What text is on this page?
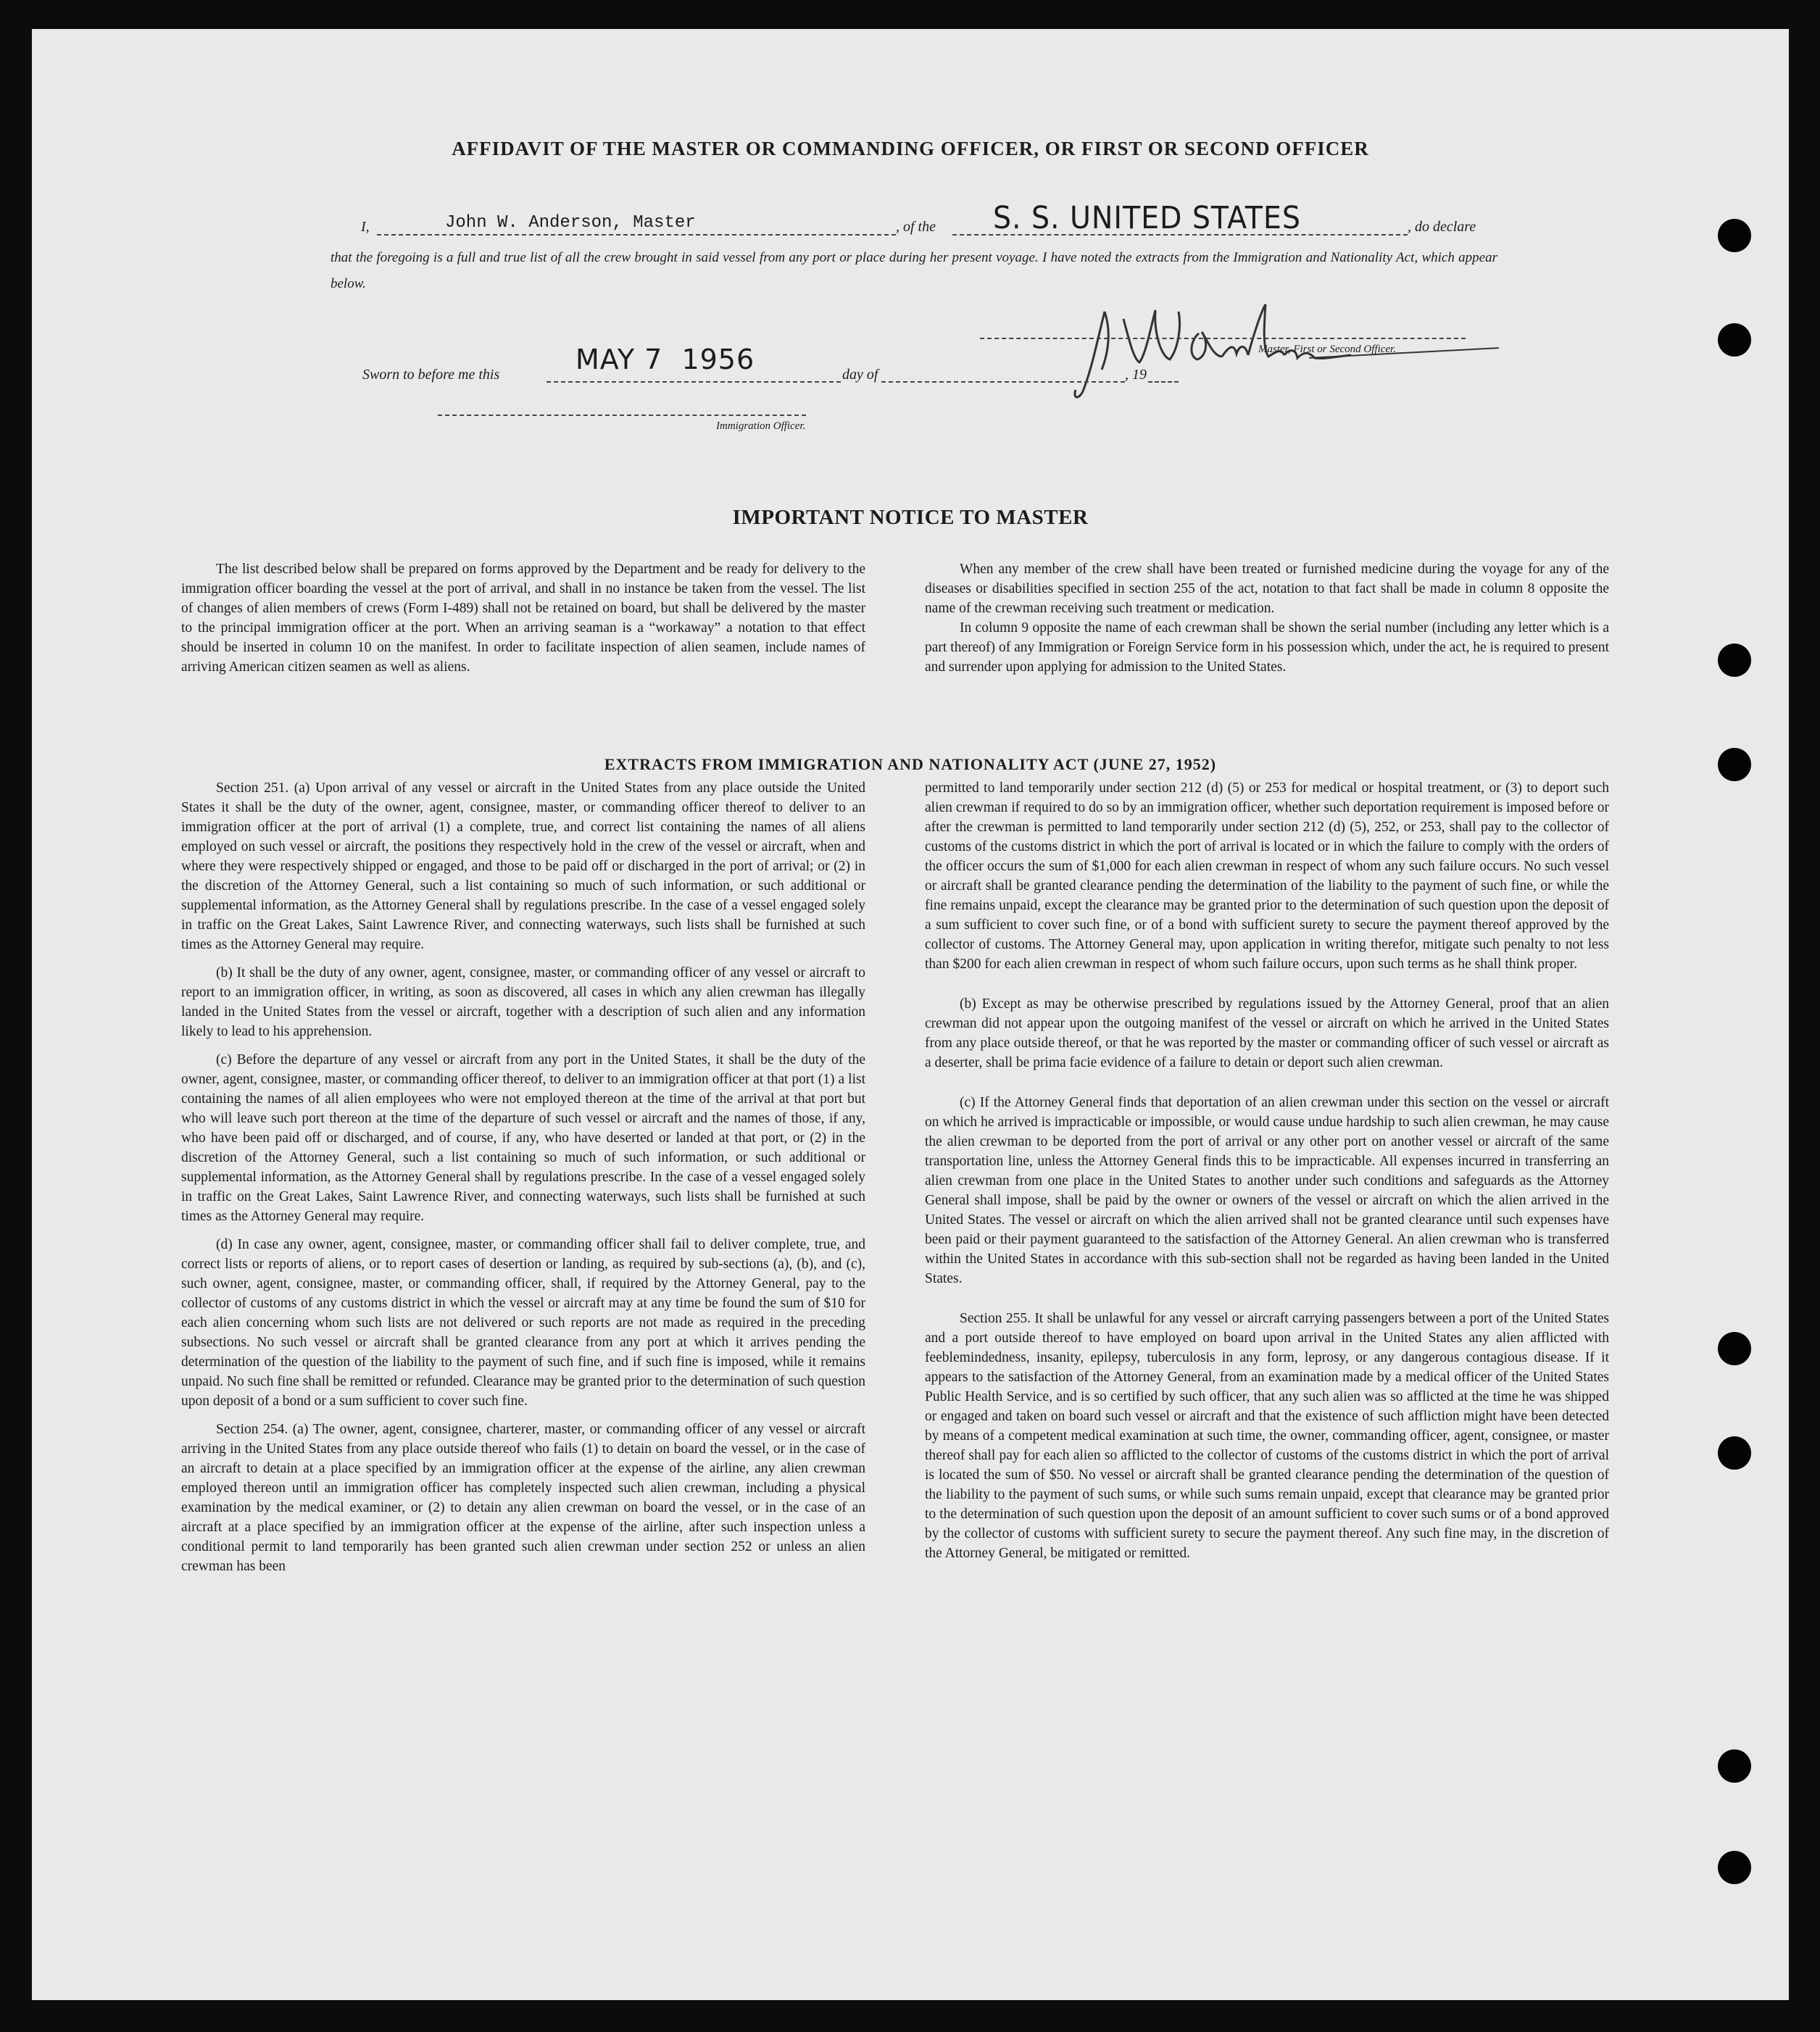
AFFIDAVIT OF THE MASTER OR COMMANDING OFFICER, OR FIRST OR SECOND OFFICER
I,	John W. Anderson, Master	, of the S. S. UNITED STATES	, do declare
that the foregoing is a full and true list of all the crew brought in said vessel from any port or place during her present voyage. I have noted the extracts from the Immigration and Nationality Act, which appear below.
Master, First or Second Officer.
Sworn to before me this	MAY 7  1956	day of	, 19
Immigration Officer.
IMPORTANT NOTICE TO MASTER

The list described below shall be prepared on forms approved by the Department and be ready for delivery to the immigration officer boarding the vessel at the port of arrival, and shall in no instance be taken from the vessel. The list of changes of alien members of crews (Form I-489) shall not be retained on board, but shall be delivered by the master to the principal immigration officer at the port. When an arriving seaman is a “workaway” a notation to that effect should be inserted in column 10 on the manifest. In order to facilitate inspection of alien seamen, include names of arriving American citizen seamen as well as aliens.

When any member of the crew shall have been treated or furnished medicine during the voyage for any of the diseases or disabilities specified in section 255 of the act, notation to that fact shall be made in column 8 opposite the name of the crewman receiving such treatment or medication.

In column 9 opposite the name of each crewman shall be shown the serial number (including any letter which is a part thereof) of any Immigration or Foreign Service form in his possession which, under the act, he is required to present and surrender upon applying for admission to the United States.

EXTRACTS FROM IMMIGRATION AND NATIONALITY ACT (JUNE 27, 1952)

Section 251. (a) Upon arrival of any vessel or aircraft in the United States from any place outside the United States it shall be the duty of the owner, agent, consignee, master, or commanding officer thereof to deliver to an immigration officer at the port of arrival (1) a complete, true, and correct list containing the names of all aliens employed on such vessel or aircraft, the positions they respectively hold in the crew of the vessel or aircraft, when and where they were respectively shipped or engaged, and those to be paid off or discharged in the port of arrival; or (2) in the discretion of the Attorney General, such a list containing so much of such information, or such additional or supplemental information, as the Attorney General shall by regulations prescribe. In the case of a vessel engaged solely in traffic on the Great Lakes, Saint Lawrence River, and connecting waterways, such lists shall be furnished at such times as the Attorney General may require.

(b) It shall be the duty of any owner, agent, consignee, master, or commanding officer of any vessel or aircraft to report to an immigration officer, in writing, as soon as discovered, all cases in which any alien crewman has illegally landed in the United States from the vessel or aircraft, together with a description of such alien and any information likely to lead to his apprehension.

(c) Before the departure of any vessel or aircraft from any port in the United States, it shall be the duty of the owner, agent, consignee, master, or commanding officer thereof, to deliver to an immigration officer at that port (1) a list containing the names of all alien employees who were not employed thereon at the time of the arrival at that port but who will leave such port thereon at the time of the departure of such vessel or aircraft and the names of those, if any, who have been paid off or discharged, and of course, if any, who have deserted or landed at that port, or (2) in the discretion of the Attorney General, such a list containing so much of such information, or such additional or supplemental information, as the Attorney General shall by regulations prescribe. In the case of a vessel engaged solely in traffic on the Great Lakes, Saint Lawrence River, and connecting waterways, such lists shall be furnished at such times as the Attorney General may require.

(d) In case any owner, agent, consignee, master, or commanding officer shall fail to deliver complete, true, and correct lists or reports of aliens, or to report cases of desertion or landing, as required by sub-sections (a), (b), and (c), such owner, agent, consignee, master, or commanding officer, shall, if required by the Attorney General, pay to the collector of customs of any customs district in which the vessel or aircraft may at any time be found the sum of $10 for each alien concerning whom such lists are not delivered or such reports are not made as required in the preceding subsections. No such vessel or aircraft shall be granted clearance from any port at which it arrives pending the determination of the question of the liability to the payment of such fine, and if such fine is imposed, while it remains unpaid. No such fine shall be remitted or refunded. Clearance may be granted prior to the determination of such question upon deposit of a bond or a sum sufficient to cover such fine.

Section 254. (a) The owner, agent, consignee, charterer, master, or commanding officer of any vessel or aircraft arriving in the United States from any place outside thereof who fails (1) to detain on board the vessel, or in the case of an aircraft to detain at a place specified by an immigration officer at the expense of the airline, any alien crewman employed thereon until an immigration officer has completely inspected such alien crewman, including a physical examination by the medical examiner, or (2) to detain any alien crewman on board the vessel, or in the case of an aircraft at a place specified by an immigration officer at the expense of the airline, after such inspection unless a conditional permit to land temporarily has been granted such alien crewman under section 252 or unless an alien crewman has been

permitted to land temporarily under section 212 (d) (5) or 253 for medical or hospital treatment, or (3) to deport such alien crewman if required to do so by an immigration officer, whether such deportation requirement is imposed before or after the crewman is permitted to land temporarily under section 212 (d) (5), 252, or 253, shall pay to the collector of customs of the customs district in which the port of arrival is located or in which the failure to comply with the orders of the officer occurs the sum of $1,000 for each alien crewman in respect of whom any such failure occurs. No such vessel or aircraft shall be granted clearance pending the determination of the liability to the payment of such fine, or while the fine remains unpaid, except the clearance may be granted prior to the determination of such question upon the deposit of a sum sufficient to cover such fine, or of a bond with sufficient surety to secure the payment thereof approved by the collector of customs. The Attorney General may, upon application in writing therefor, mitigate such penalty to not less than $200 for each alien crewman in respect of whom such failure occurs, upon such terms as he shall think proper.

(b) Except as may be otherwise prescribed by regulations issued by the Attorney General, proof that an alien crewman did not appear upon the outgoing manifest of the vessel or aircraft on which he arrived in the United States from any place outside thereof, or that he was reported by the master or commanding officer of such vessel or aircraft as a deserter, shall be prima facie evidence of a failure to detain or deport such alien crewman.

(c) If the Attorney General finds that deportation of an alien crewman under this section on the vessel or aircraft on which he arrived is impracticable or impossible, or would cause undue hardship to such alien crewman, he may cause the alien crewman to be deported from the port of arrival or any other port on another vessel or aircraft of the same transportation line, unless the Attorney General finds this to be impracticable. All expenses incurred in transferring an alien crewman from one place in the United States to another under such conditions and safeguards as the Attorney General shall impose, shall be paid by the owner or owners of the vessel or aircraft on which the alien arrived in the United States. The vessel or aircraft on which the alien arrived shall not be granted clearance until such expenses have been paid or their payment guaranteed to the satisfaction of the Attorney General. An alien crewman who is transferred within the United States in accordance with this sub-section shall not be regarded as having been landed in the United States.

Section 255. It shall be unlawful for any vessel or aircraft carrying passengers between a port of the United States and a port outside thereof to have employed on board upon arrival in the United States any alien afflicted with feeblemindedness, insanity, epilepsy, tuberculosis in any form, leprosy, or any dangerous contagious disease. If it appears to the satisfaction of the Attorney General, from an examination made by a medical officer of the United States Public Health Service, and is so certified by such officer, that any such alien was so afflicted at the time he was shipped or engaged and taken on board such vessel or aircraft and that the existence of such affliction might have been detected by means of a competent medical examination at such time, the owner, commanding officer, agent, consignee, or master thereof shall pay for each alien so afflicted to the collector of customs of the customs district in which the port of arrival is located the sum of $50. No vessel or aircraft shall be granted clearance pending the determination of the question of the liability to the payment of such sums, or while such sums remain unpaid, except that clearance may be granted prior to the determination of such question upon the deposit of an amount sufficient to cover such sums or of a bond approved by the collector of customs with sufficient surety to secure the payment thereof. Any such fine may, in the discretion of the Attorney General, be mitigated or remitted.
